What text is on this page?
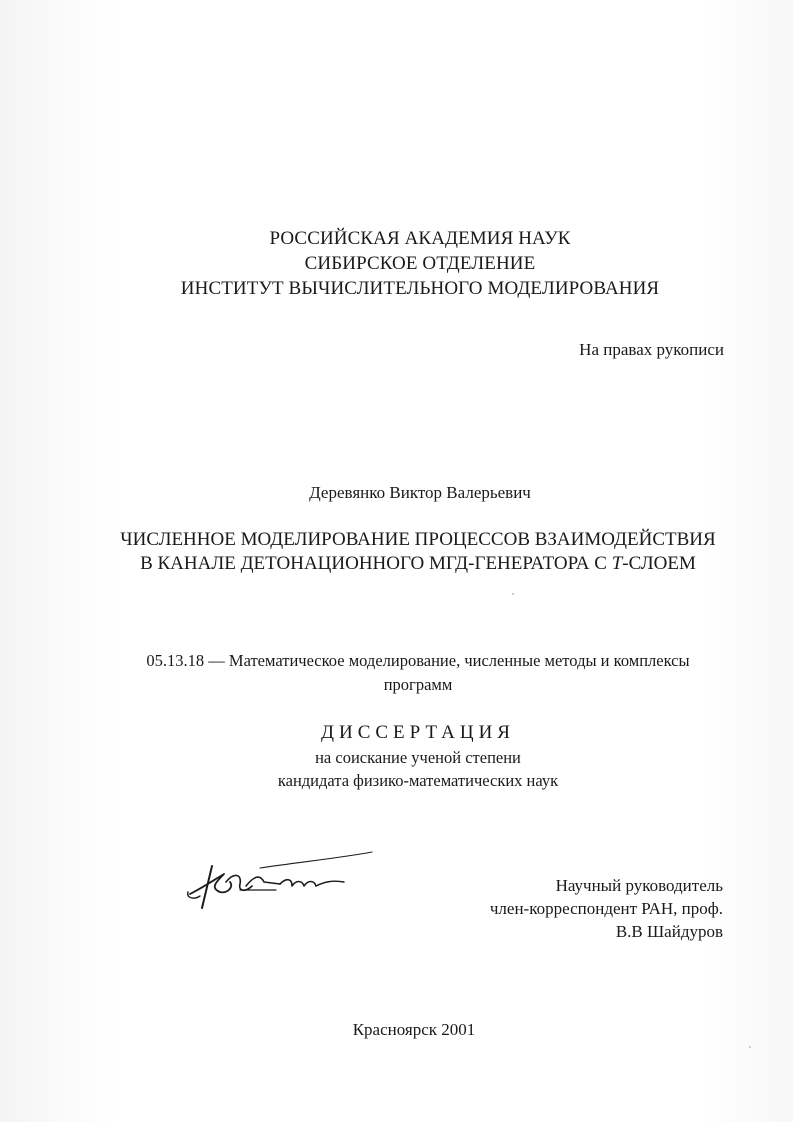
РОССИЙСКАЯ АКАДЕМИЯ НАУК
СИБИРСКОЕ ОТДЕЛЕНИЕ
ИНСТИТУТ ВЫЧИСЛИТЕЛЬНОГО МОДЕЛИРОВАНИЯ
На правах рукописи
Деревянко Виктор Валерьевич
ЧИСЛЕННОЕ МОДЕЛИРОВАНИЕ ПРОЦЕССОВ ВЗАИМОДЕЙСТВИЯ
В КАНАЛЕ ДЕТОНАЦИОННОГО МГД-ГЕНЕРАТОРА С T-СЛОЕМ
05.13.18 — Математическое моделирование, численные методы и комплексы
программ
ДИССЕРТАЦИЯ
на соискание ученой степени
кандидата физико-математических наук
Научный руководитель
член-корреспондент РАН, проф.
В.В Шайдуров
Красноярск 2001
